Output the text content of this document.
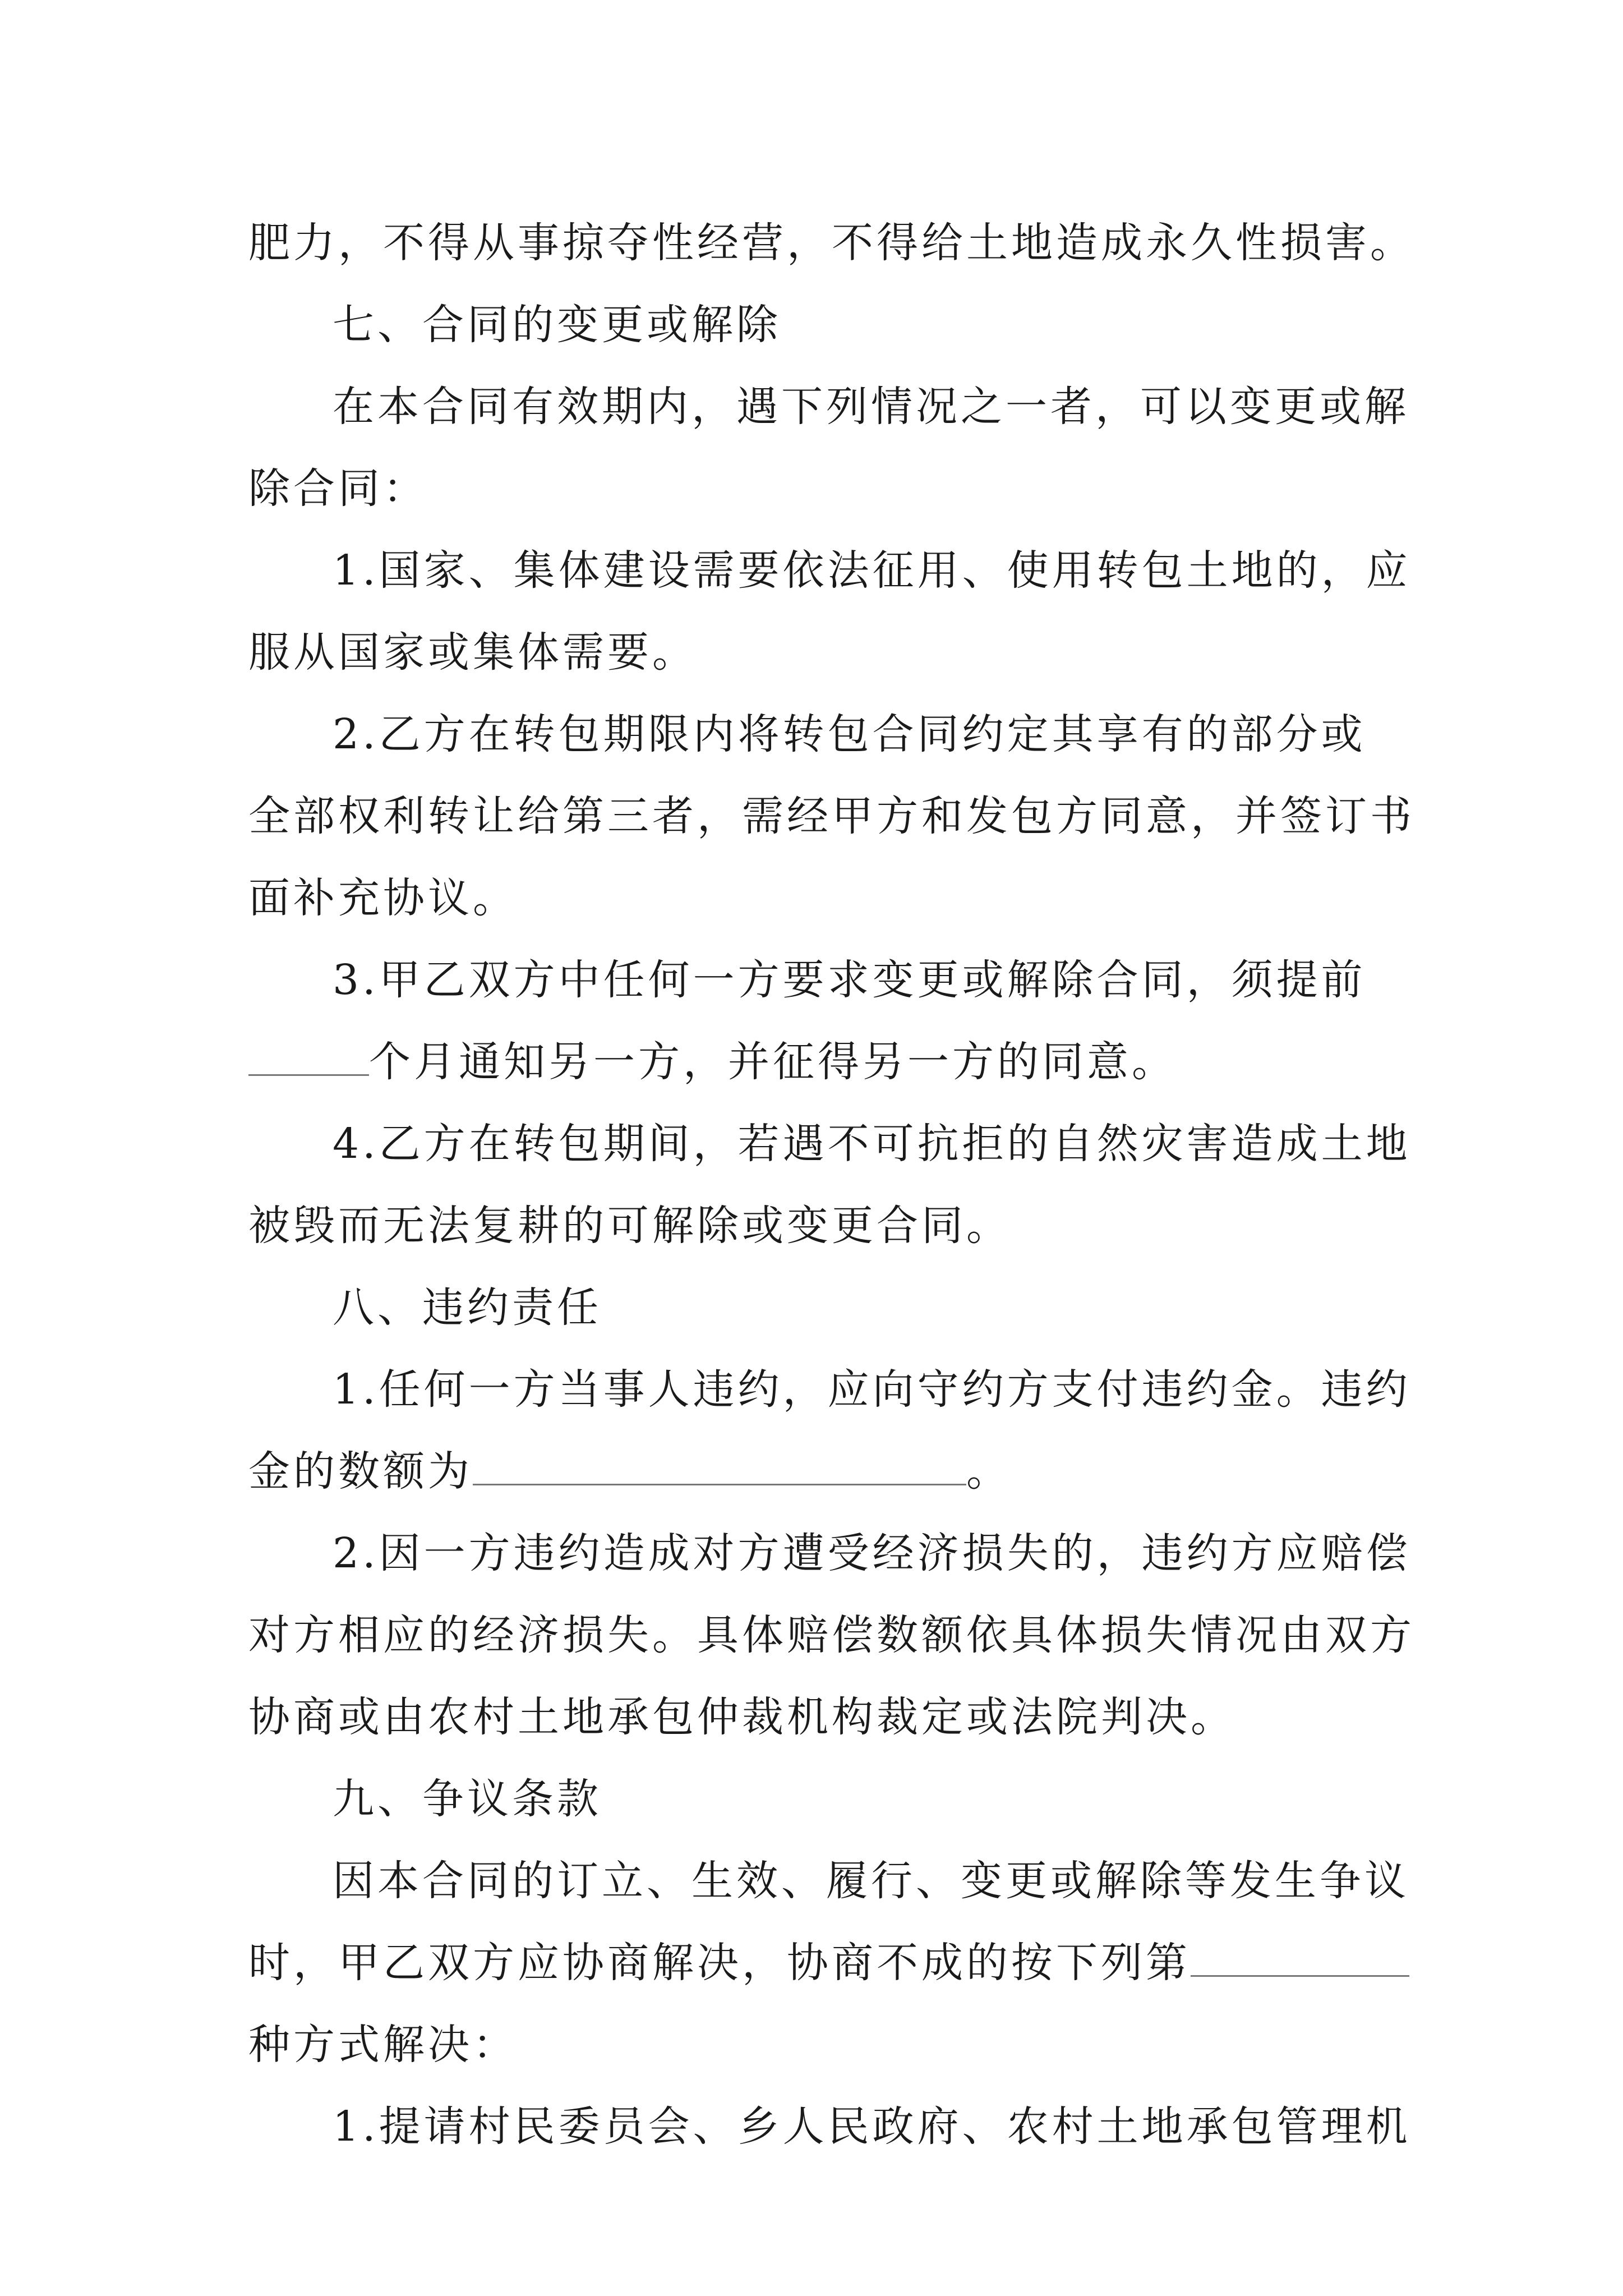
肥力，不得从事掠夺性经营，不得给土地造成永久性损害。
七、合同的变更或解除
在本合同有效期内，遇下列情况之一者，可以变更或解
除合同：
1.国家、集体建设需要依法征用、使用转包土地的，应
服从国家或集体需要。
2.乙方在转包期限内将转包合同约定其享有的部分或
全部权利转让给第三者，需经甲方和发包方同意，并签订书
面补充协议。
3.甲乙双方中任何一方要求变更或解除合同，须提前
个月通知另一方，并征得另一方的同意。
4.乙方在转包期间，若遇不可抗拒的自然灾害造成土地
被毁而无法复耕的可解除或变更合同。
八、违约责任
1.任何一方当事人违约，应向守约方支付违约金。违约
金的数额为	。
2.因一方违约造成对方遭受经济损失的，违约方应赔偿
对方相应的经济损失。具体赔偿数额依具体损失情况由双方
协商或由农村土地承包仲裁机构裁定或法院判决。
九、争议条款
因本合同的订立、生效、履行、变更或解除等发生争议
时，甲乙双方应协商解决，协商不成的按下列第
种方式解决：
1.提请村民委员会、乡人民政府、农村土地承包管理机
